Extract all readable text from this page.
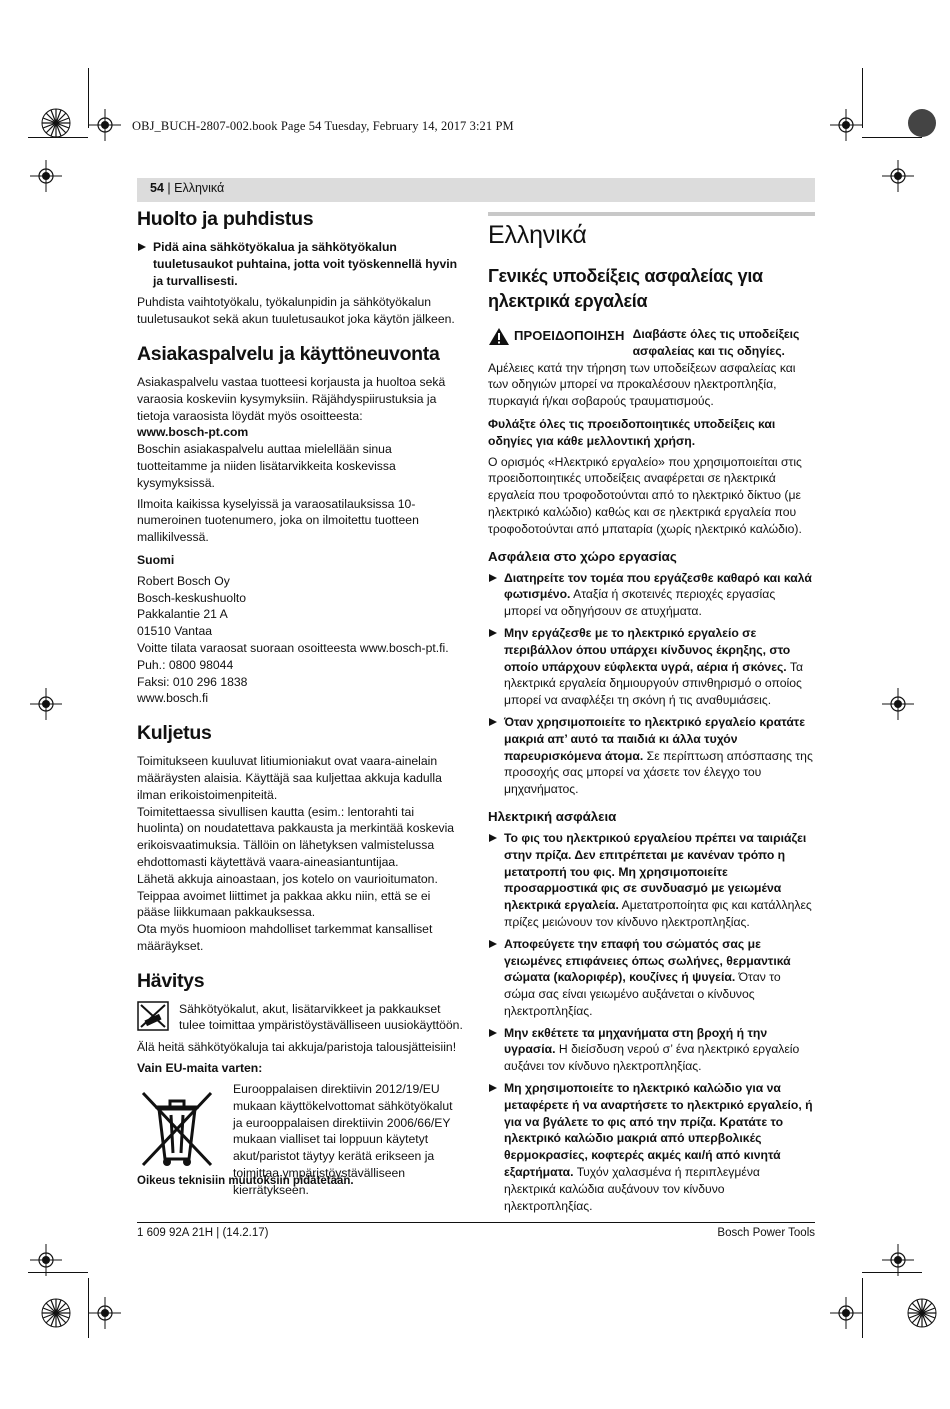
OBJ_BUCH-2807-002.book Page 54 Tuesday, February 14, 2017 3:21 PM
54 | Ελληνικά
Huolto ja puhdistus
Pidä aina sähkötyökalua ja sähkötyökalun tuuletusaukot puhtaina, jotta voit työskennellä hyvin ja turvallisesti.
Puhdista vaihtotyökalu, työkalunpidin ja sähkötyökalun tuuletusaukot sekä akun tuuletusaukot joka käytön jälkeen.
Asiakaspalvelu ja käyttöneuvonta
Asiakaspalvelu vastaa tuotteesi korjausta ja huoltoa sekä varaosia koskeviin kysymyksiin. Räjähdyspiirustuksia ja tietoja varaosista löydät myös osoitteesta:
www.bosch-pt.com
Boschin asiakaspalvelu auttaa mielellään sinua tuotteitamme ja niiden lisätarvikkeita koskevissa kysymyksissä.
Ilmoita kaikissa kyselyissä ja varaosatilauksissa 10-numeroinen tuotenumero, joka on ilmoitettu tuotteen mallikilvessä.
Suomi
Robert Bosch Oy
Bosch-keskushuolto
Pakkalantie 21 A
01510 Vantaa
Voitte tilata varaosat suoraan osoitteesta www.bosch-pt.fi.
Puh.: 0800 98044
Faksi: 010 296 1838
www.bosch.fi
Kuljetus
Toimitukseen kuuluvat litiumioniakut ovat vaara-ainelain määräysten alaisia. Käyttäjä saa kuljettaa akkuja kadulla ilman erikoistoimenpiteitä.
Toimitettaessa sivullisen kautta (esim.: lentorahti tai huolinta) on noudatettava pakkausta ja merkintää koskevia erikoisvaatimuksia. Tällöin on lähetyksen valmistelussa ehdottomasti käytettävä vaara-aineasiantuntijaa.
Lähetä akkuja ainoastaan, jos kotelo on vaurioitumaton. Teippaa avoimet liittimet ja pakkaa akku niin, että se ei pääse liikkumaan pakkauksessa.
Ota myös huomioon mahdolliset tarkemmat kansalliset määräykset.
Hävitys
Sähkötyökalut, akut, lisätarvikkeet ja pakkaukset tulee toimittaa ympäristöystävälliseen uusiokäyttöön.
Älä heitä sähkötyökaluja tai akkuja/paristoja talousjätteisiin!
Vain EU-maita varten:
Eurooppalaisen direktiivin 2012/19/EU mukaan käyttökelvottomat sähkötyökalut ja eurooppalaisen direktiivin 2006/66/EY mukaan vialliset tai loppuun käytetyt akut/paristot täytyy kerätä erikseen ja toimittaa ympäristöystävälliseen kierrätykseen.
Oikeus teknisiin muutoksiin pidätetään.
Ελληνικά
Γενικές υποδείξεις ασφαλείας για ηλεκτρικά εργαλεία
ΠΡΟΕΙΔΟΠΟΙΗΣΗ Διαβάστε όλες τις υποδείξεις ασφαλείας και τις οδηγίες.
Αμέλειες κατά την τήρηση των υποδείξεων ασφαλείας και των οδηγιών μπορεί να προκαλέσουν ηλεκτροπληξία, πυρκαγιά ή/και σοβαρούς τραυματισμούς.
Φυλάξτε όλες τις προειδοποιητικές υποδείξεις και οδηγίες για κάθε μελλοντική χρήση.
Ο ορισμός «Ηλεκτρικό εργαλείο» που χρησιμοποιείται στις προειδοποιητικές υποδείξεις αναφέρεται σε ηλεκτρικά εργαλεία που τροφοδοτούνται από το ηλεκτρικό δίκτυο (με ηλεκτρικό καλώδιο) καθώς και σε ηλεκτρικά εργαλεία που τροφοδοτούνται από μπαταρία (χωρίς ηλεκτρικό καλώδιο).
Ασφάλεια στο χώρο εργασίας
Διατηρείτε τον τομέα που εργάζεσθε καθαρό και καλά φωτισμένο. Αταξία ή σκοτεινές περιοχές εργασίας μπορεί να οδηγήσουν σε ατυχήματα.
Μην εργάζεσθε με το ηλεκτρικό εργαλείο σε περιβάλλον όπου υπάρχει κίνδυνος έκρηξης, στο οποίο υπάρχουν εύφλεκτα υγρά, αέρια ή σκόνες. Τα ηλεκτρικά εργαλεία δημιουργούν σπινθηρισμό ο οποίος μπορεί να αναφλέξει τη σκόνη ή τις αναθυμιάσεις.
Όταν χρησιμοποιείτε το ηλεκτρικό εργαλείο κρατάτε μακριά απ’ αυτό τα παιδιά κι άλλα τυχόν παρευρισκόμενα άτομα. Σε περίπτωση απόσπασης της προσοχής σας μπορεί να χάσετε τον έλεγχο του μηχανήματος.
Ηλεκτρική ασφάλεια
Το φις του ηλεκτρικού εργαλείου πρέπει να ταιριάζει στην πρίζα. Δεν επιτρέπεται με κανέναν τρόπο η μετατροπή του φις. Μη χρησιμοποιείτε προσαρμοστικά φις σε συνδυασμό με γειωμένα ηλεκτρικά εργαλεία. Αμετατροποίητα φις και κατάλληλες πρίζες μειώνουν τον κίνδυνο ηλεκτροπληξίας.
Αποφεύγετε την επαφή του σώματός σας με γειωμένες επιφάνειες όπως σωλήνες, θερμαντικά σώματα (καλοριφέρ), κουζίνες ή ψυγεία. Όταν το σώμα σας είναι γειωμένο αυξάνεται ο κίνδυνος ηλεκτροπληξίας.
Μην εκθέτετε τα μηχανήματα στη βροχή ή την υγρασία. Η διείσδυση νερού σ’ ένα ηλεκτρικό εργαλείο αυξάνει τον κίνδυνο ηλεκτροπληξίας.
Μη χρησιμοποιείτε το ηλεκτρικό καλώδιο για να μεταφέρετε ή να αναρτήσετε το ηλεκτρικό εργαλείο, ή για να βγάλετε το φις από την πρίζα. Κρατάτε το ηλεκτρικό καλώδιο μακριά από υπερβολικές θερμοκρασίες, κοφτερές ακμές και/ή από κινητά εξαρτήματα. Τυχόν χαλασμένα ή περιπλεγμένα ηλεκτρικά καλώδια αυξάνουν τον κίνδυνο ηλεκτροπληξίας.
1 609 92A 21H | (14.2.17)	Bosch Power Tools
